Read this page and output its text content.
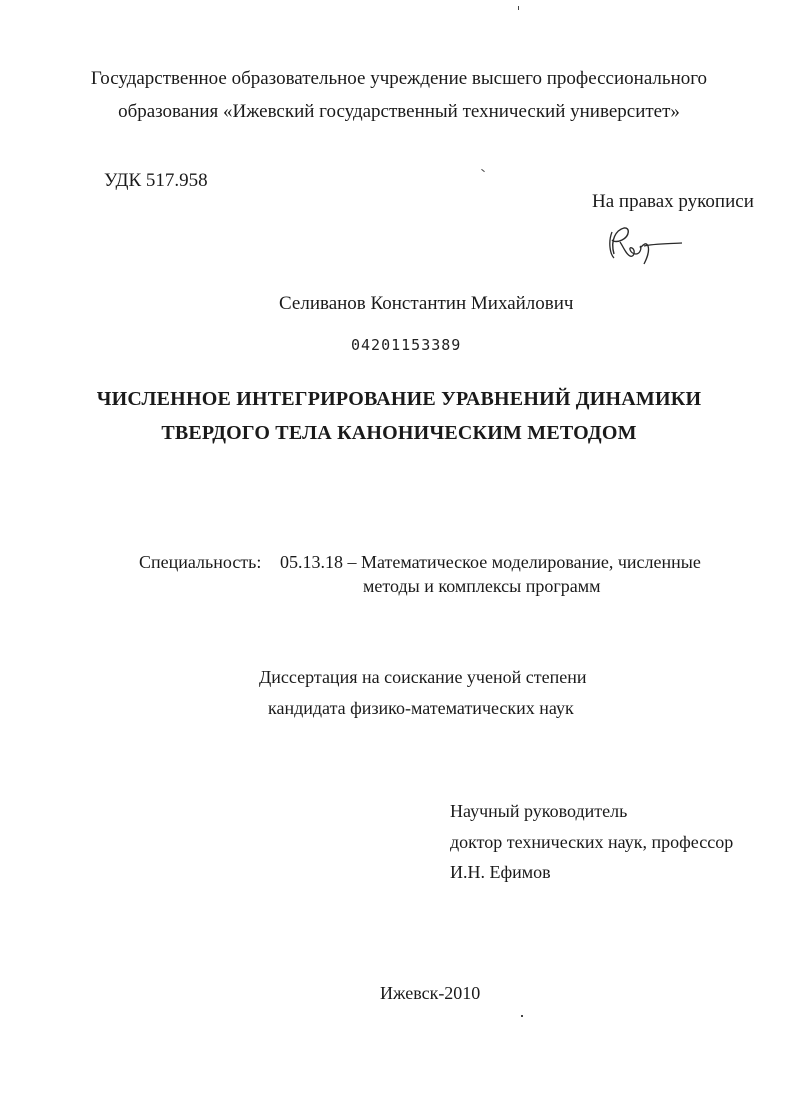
Государственное образовательное учреждение высшего профессионального
образования «Ижевский государственный технический университет»
УДК 517.958
На правах рукописи
Селиванов Константин Михайлович
04201153389
ЧИСЛЕННОЕ ИНТЕГРИРОВАНИЕ УРАВНЕНИЙ ДИНАМИКИ
ТВЕРДОГО ТЕЛА КАНОНИЧЕСКИМ МЕТОДОМ
Специальность: 05.13.18 – Математическое моделирование, численные
методы и комплексы программ
Диссертация на соискание ученой степени
кандидата физико-математических наук
Научный руководитель
доктор технических наук, профессор
И.Н. Ефимов
Ижевск-2010
